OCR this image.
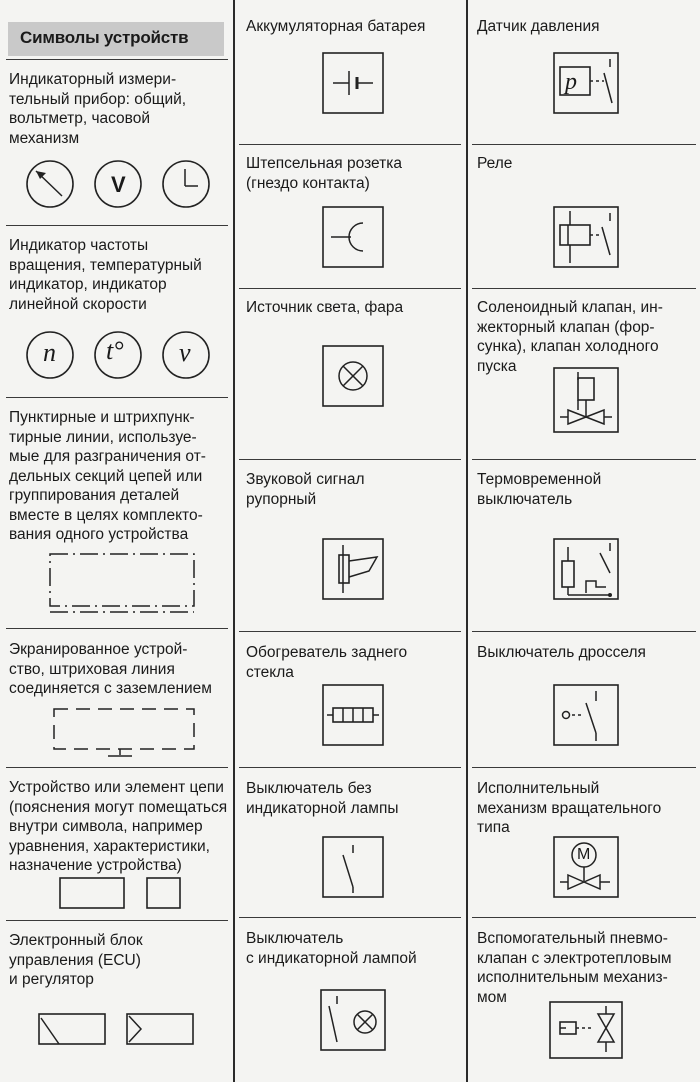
Символы устройств
Индикаторный измери-
тельный прибор: общий,
вольтметр, часовой
механизм
V
Индикатор частоты
вращения, температурный
индикатор, индикатор
линейной скорости
n t° v
Пунктирные и штрихпунк-
тирные линии, используе-
мые для разграничения от-
дельных секций цепей или
группирования деталей
вместе в целях комплекто-
вания одного устройства
Экранированное устрой-
ство, штриховая линия
соединяется с заземлением
Устройство или элемент цепи
(пояснения могут помещаться
внутри символа, например
уравнения, характеристики,
назначение устройства)
Электронный блок
управления (ECU)
и регулятор
Аккумуляторная батарея
Штепсельная розетка
(гнездо контакта)
Источник света, фара
Звуковой сигнал
рупорный
Обогреватель заднего
стекла
Выключатель без
индикаторной лампы
Выключатель
с индикаторной лампой
Датчик давления
p
Реле
Соленоидный клапан, ин-
жекторный клапан (фор-
сунка), клапан холодного
пуска
Термовременной
выключатель
Выключатель дросселя
Исполнительный
механизм вращательного
типа
M
Вспомогательный пневмо-
клапан с электротепловым
исполнительным механиз-
мом
